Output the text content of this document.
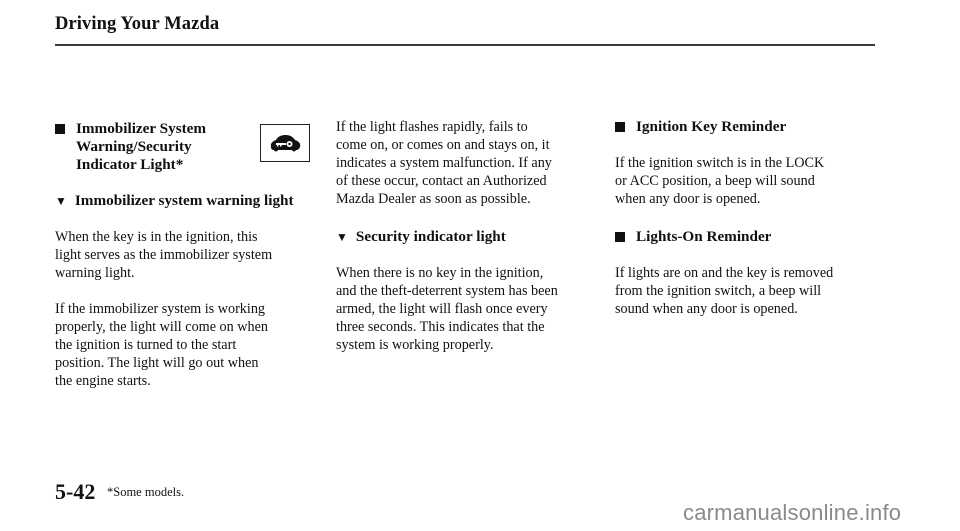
Driving Your Mazda
Immobilizer System
Warning/Security
Indicator Light*
▼ Immobilizer system warning light

When the key is in the ignition, this
light serves as the immobilizer system
warning light.

If the immobilizer system is working
properly, the light will come on when
the ignition is turned to the start
position. The light will go out when
the engine starts.

If the light flashes rapidly, fails to
come on, or comes on and stays on, it
indicates a system malfunction. If any
of these occur, contact an Authorized
Mazda Dealer as soon as possible.

▼ Security indicator light

When there is no key in the ignition,
and the theft-deterrent system has been
armed, the light will flash once every
three seconds. This indicates that the
system is working properly.

Ignition Key Reminder

If the ignition switch is in the LOCK
or ACC position, a beep will sound
when any door is opened.

Lights-On Reminder

If lights are on and the key is removed
from the ignition switch, a beep will
sound when any door is opened.

5-42 *Some models.
carmanualsonline.info
